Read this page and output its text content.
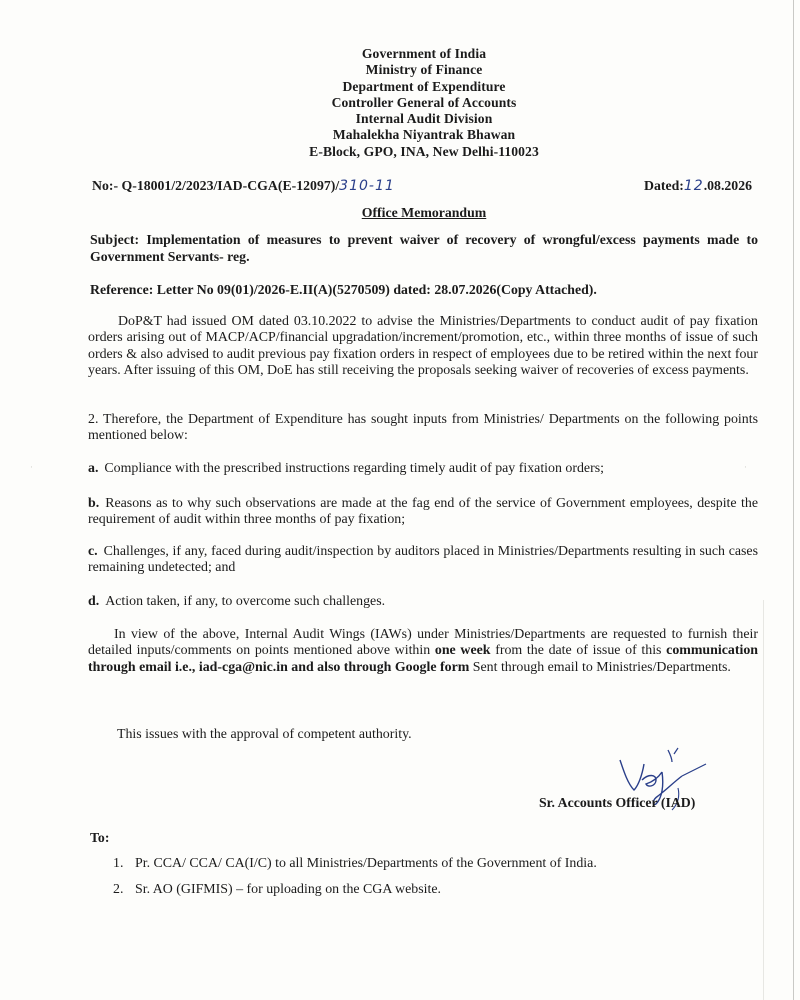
Government of India
Ministry of Finance
Department of Expenditure
Controller General of Accounts
Internal Audit Division
Mahalekha Niyantrak Bhawan
E-Block, GPO, INA, New Delhi-110023
No:- Q-18001/2/2023/IAD-CGA(E-12097)/310-11	Dated:12.08.2026
Office Memorandum
Subject: Implementation of measures to prevent waiver of recovery of wrongful/excess payments made to Government Servants- reg.
Reference: Letter No 09(01)/2026-E.II(A)(5270509) dated: 28.07.2026(Copy Attached).
DoP&T had issued OM dated 03.10.2022 to advise the Ministries/Departments to conduct audit of pay fixation orders arising out of MACP/ACP/financial upgradation/increment/promotion, etc., within three months of issue of such orders & also advised to audit previous pay fixation orders in respect of employees due to be retired within the next four years. After issuing of this OM, DoE has still receiving the proposals seeking waiver of recoveries of excess payments.
2. Therefore, the Department of Expenditure has sought inputs from Ministries/ Departments on the following points mentioned below:
a. Compliance with the prescribed instructions regarding timely audit of pay fixation orders;
b. Reasons as to why such observations are made at the fag end of the service of Government employees, despite the requirement of audit within three months of pay fixation;
c. Challenges, if any, faced during audit/inspection by auditors placed in Ministries/Departments resulting in such cases remaining undetected; and
d. Action taken, if any, to overcome such challenges.
In view of the above, Internal Audit Wings (IAWs) under Ministries/Departments are requested to furnish their detailed inputs/comments on points mentioned above within one week from the date of issue of this communication through email i.e., iad-cga@nic.in and also through Google form Sent through email to Ministries/Departments.
This issues with the approval of competent authority.
Sr. Accounts Officer (IAD)
To:
1. Pr. CCA/ CCA/ CA(I/C) to all Ministries/Departments of the Government of India.
2. Sr. AO (GIFMIS) – for uploading on the CGA website.
·	·
